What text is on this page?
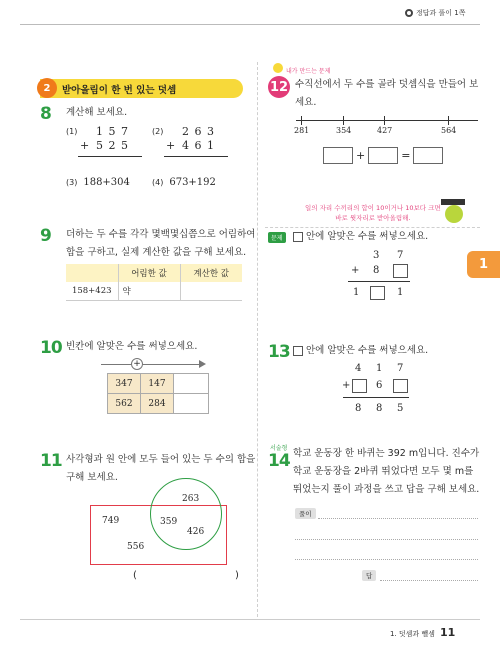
정답과 풀이 1쪽
2	받아올림이 한 번 있는 덧셈
8 계산해 보세요.
(1) 1 5 7
+ 5 2 5
(2) 2 6 3
+ 4 6 1
(3) 188+304	(4) 673+192
9 더하는 두 수를 각각 몇백몇십쯤으로 어림하여
합을 구하고, 실제 계산한 값을 구해 보세요.
	어림한 값	계산한 값
158+423	약	
10 빈칸에 알맞은 수를 써넣으세요.
+
347	147	
562	284	
11 사각형과 원 안에 모두 들어 있는 두 수의 합을
구해 보세요.
749
263
359
426
556
(	)
내가 만드는 문제
12 수직선에서 두 수를 골라 덧셈식을 만들어 보
세요.
281	354	427	564
+	=
일의 자리 수끼리의 합이 10이거나 10보다 크면
바로 윗자리로 받아올림해.
문제	안에 알맞은 수를 써넣으세요.
3 7
+ 8
1	1
13 안에 알맞은 수를 써넣으세요.
4 1 7
+	6
8 8 5
서술형
14 학교 운동장 한 바퀴는 392 m입니다. 진수가
학교 운동장을 2바퀴 뛰었다면 모두 몇 m를
뛰었는지 풀이 과정을 쓰고 답을 구해 보세요.
풀이
답
1
1. 덧셈과 뺄셈 11
